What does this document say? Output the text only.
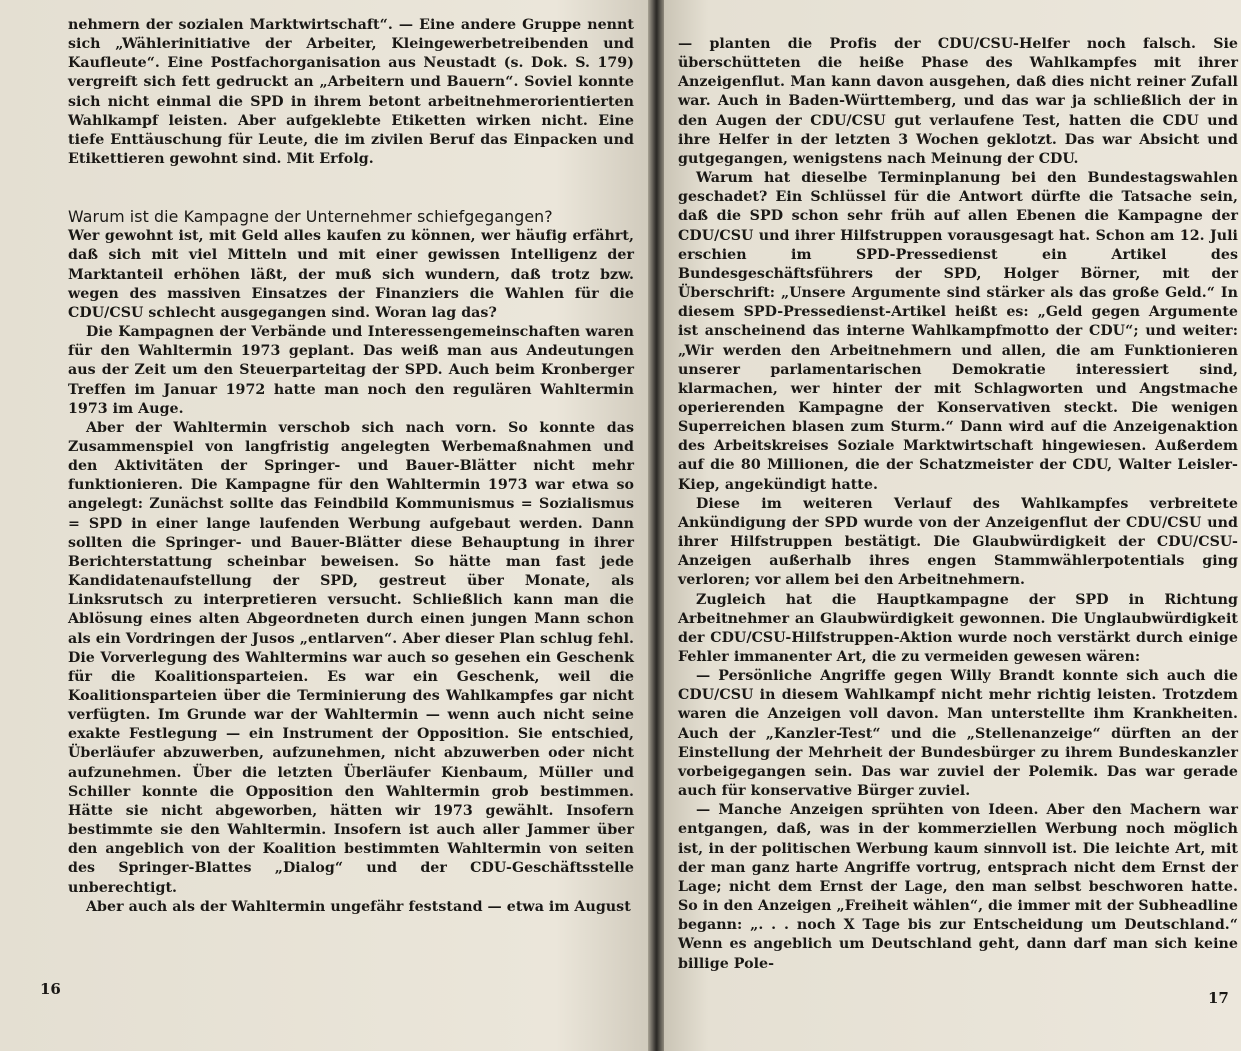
nehmern der sozialen Marktwirtschaft“. — Eine andere Gruppe nennt sich „Wählerinitiative der Arbeiter, Kleingewerbetreibenden und Kaufleute“. Eine Postfachorganisation aus Neustadt (s. Dok. S. 179) vergreift sich fett gedruckt an „Arbeitern und Bauern“. Soviel konnte sich nicht einmal die SPD in ihrem betont arbeitnehmerorientierten Wahlkampf leisten. Aber aufgeklebte Etiketten wirken nicht. Eine tiefe Enttäuschung für Leute, die im zivilen Beruf das Einpacken und Etikettieren gewohnt sind. Mit Erfolg.

Warum ist die Kampagne der Unternehmer schiefgegangen?

Wer gewohnt ist, mit Geld alles kaufen zu können, wer häufig erfährt, daß sich mit viel Mitteln und mit einer gewissen Intelligenz der Marktanteil erhöhen läßt, der muß sich wundern, daß trotz bzw. wegen des massiven Einsatzes der Finanziers die Wahlen für die CDU/CSU schlecht ausgegangen sind. Woran lag das?

Die Kampagnen der Verbände und Interessengemeinschaften waren für den Wahltermin 1973 geplant. Das weiß man aus Andeutungen aus der Zeit um den Steuerparteitag der SPD. Auch beim Kronberger Treffen im Januar 1972 hatte man noch den regulären Wahltermin 1973 im Auge.

Aber der Wahltermin verschob sich nach vorn. So konnte das Zusammenspiel von langfristig angelegten Werbemaßnahmen und den Aktivitäten der Springer- und Bauer-Blätter nicht mehr funktionieren. Die Kampagne für den Wahltermin 1973 war etwa so angelegt: Zunächst sollte das Feindbild Kommunismus = Sozialismus = SPD in einer lange laufenden Werbung aufgebaut werden. Dann sollten die Springer- und Bauer-Blätter diese Behauptung in ihrer Berichterstattung scheinbar beweisen. So hätte man fast jede Kandidatenaufstellung der SPD, gestreut über Monate, als Linksrutsch zu interpretieren versucht. Schließlich kann man die Ablösung eines alten Abgeordneten durch einen jungen Mann schon als ein Vordringen der Jusos „entlarven“. Aber dieser Plan schlug fehl. Die Vorverlegung des Wahltermins war auch so gesehen ein Geschenk für die Koalitionsparteien. Es war ein Geschenk, weil die Koalitionsparteien über die Terminierung des Wahlkampfes gar nicht verfügten. Im Grunde war der Wahltermin — wenn auch nicht seine exakte Festlegung — ein Instrument der Opposition. Sie entschied, Überläufer abzuwerben, aufzunehmen, nicht abzuwerben oder nicht aufzunehmen. Über die letzten Überläufer Kienbaum, Müller und Schiller konnte die Opposition den Wahltermin grob bestimmen. Hätte sie nicht abgeworben, hätten wir 1973 gewählt. Insofern bestimmte sie den Wahltermin. Insofern ist auch aller Jammer über den angeblich von der Koalition bestimmten Wahltermin von seiten des Springer-Blattes „Dialog“ und der CDU-Geschäftsstelle unberechtigt.

Aber auch als der Wahltermin ungefähr feststand — etwa im August

16

— planten die Profis der CDU/CSU-Helfer noch falsch. Sie überschütteten die heiße Phase des Wahlkampfes mit ihrer Anzeigenflut. Man kann davon ausgehen, daß dies nicht reiner Zufall war. Auch in Baden-Württemberg, und das war ja schließlich der in den Augen der CDU/CSU gut verlaufene Test, hatten die CDU und ihre Helfer in der letzten 3 Wochen geklotzt. Das war Absicht und gutgegangen, wenigstens nach Meinung der CDU.

Warum hat dieselbe Terminplanung bei den Bundestagswahlen geschadet? Ein Schlüssel für die Antwort dürfte die Tatsache sein, daß die SPD schon sehr früh auf allen Ebenen die Kampagne der CDU/CSU und ihrer Hilfstruppen vorausgesagt hat. Schon am 12. Juli erschien im SPD-Pressedienst ein Artikel des Bundesgeschäftsführers der SPD, Holger Börner, mit der Überschrift: „Unsere Argumente sind stärker als das große Geld.“ In diesem SPD-Pressedienst-Artikel heißt es: „Geld gegen Argumente ist anscheinend das interne Wahlkampfmotto der CDU“; und weiter: „Wir werden den Arbeitnehmern und allen, die am Funktionieren unserer parlamentarischen Demokratie interessiert sind, klarmachen, wer hinter der mit Schlagworten und Angstmache operierenden Kampagne der Konservativen steckt. Die wenigen Superreichen blasen zum Sturm.“ Dann wird auf die Anzeigenaktion des Arbeitskreises Soziale Marktwirtschaft hingewiesen. Außerdem auf die 80 Millionen, die der Schatzmeister der CDU, Walter Leisler-Kiep, angekündigt hatte.

Diese im weiteren Verlauf des Wahlkampfes verbreitete Ankündigung der SPD wurde von der Anzeigenflut der CDU/CSU und ihrer Hilfstruppen bestätigt. Die Glaubwürdigkeit der CDU/CSU-Anzeigen außerhalb ihres engen Stammwählerpotentials ging verloren; vor allem bei den Arbeitnehmern.

Zugleich hat die Hauptkampagne der SPD in Richtung Arbeitnehmer an Glaubwürdigkeit gewonnen. Die Unglaubwürdigkeit der CDU/CSU-Hilfstruppen-Aktion wurde noch verstärkt durch einige Fehler immanenter Art, die zu vermeiden gewesen wären:

— Persönliche Angriffe gegen Willy Brandt konnte sich auch die CDU/CSU in diesem Wahlkampf nicht mehr richtig leisten. Trotzdem waren die Anzeigen voll davon. Man unterstellte ihm Krankheiten. Auch der „Kanzler-Test“ und die „Stellenanzeige“ dürften an der Einstellung der Mehrheit der Bundesbürger zu ihrem Bundeskanzler vorbeigegangen sein. Das war zuviel der Polemik. Das war gerade auch für konservative Bürger zuviel.

— Manche Anzeigen sprühten von Ideen. Aber den Machern war entgangen, daß, was in der kommerziellen Werbung noch möglich ist, in der politischen Werbung kaum sinnvoll ist. Die leichte Art, mit der man ganz harte Angriffe vortrug, entsprach nicht dem Ernst der Lage; nicht dem Ernst der Lage, den man selbst beschworen hatte. So in den Anzeigen „Freiheit wählen“, die immer mit der Subheadline begann: „. . . noch X Tage bis zur Entscheidung um Deutschland.“ Wenn es angeblich um Deutschland geht, dann darf man sich keine billige Pole-

17
